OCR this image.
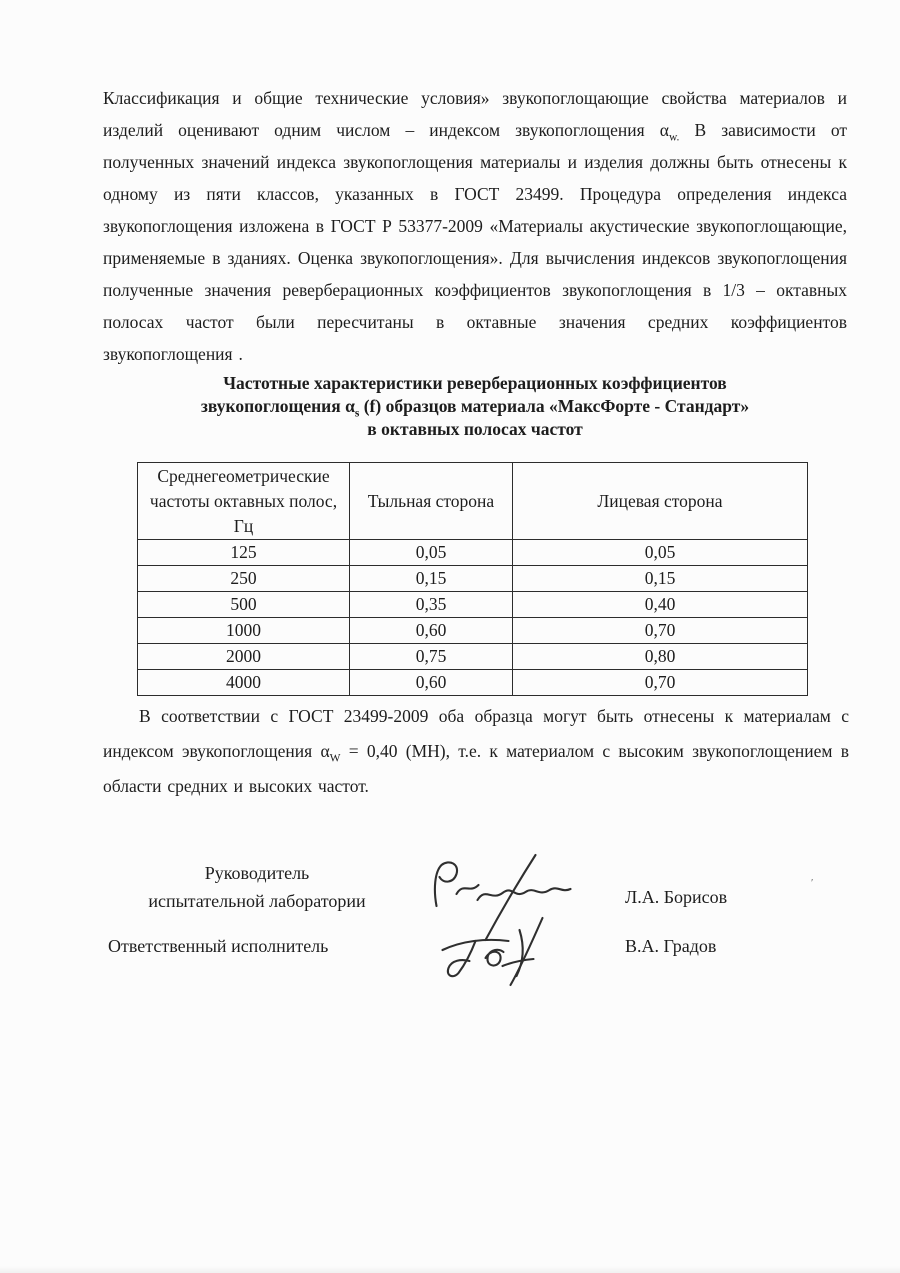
Классификация и общие технические условия» звукопоглощающие свойства материалов и изделий оценивают одним числом – индексом звукопоглощения $\alpha_{w.}$ В зависимости от полученных значений индекса звукопоглощения материалы и изделия должны быть отнесены к одному из пяти классов, указанных в ГОСТ 23499. Процедура определения индекса звукопоглощения изложена в ГОСТ Р 53377-2009 «Материалы акустические звукопоглощающие, применяемые в зданиях. Оценка звукопоглощения». Для вычисления индексов звукопоглощения полученные значения реверберационных коэффициентов звукопоглощения в 1/3 – октавных полосах частот были пересчитаны в октавные значения средних коэффициентов звукопоглощения .

Частотные характеристики реверберационных коэффициентов
звукопоглощения $\alpha_s$ (f) образцов материала «МаксФорте - Стандарт»
в октавных полосах частот
Среднегеометрические частоты октавных полос, Гц	Тыльная сторона	Лицевая сторона
125	0,05	0,05
250	0,15	0,15
500	0,35	0,40
1000	0,60	0,70
2000	0,75	0,80
4000	0,60	0,70

В соответствии с ГОСТ 23499-2009 оба образца могут быть отнесены к материалам с индексом эвукопоглощения $\alpha_W = 0,40$ (МН), т.е. к материалом с высоким звукопоглощением в области средних и высоких частот.

Руководитель
испытательной лаборатории
Ответственный исполнитель
Л.А. Борисов
В.А. Градов
ʹ
